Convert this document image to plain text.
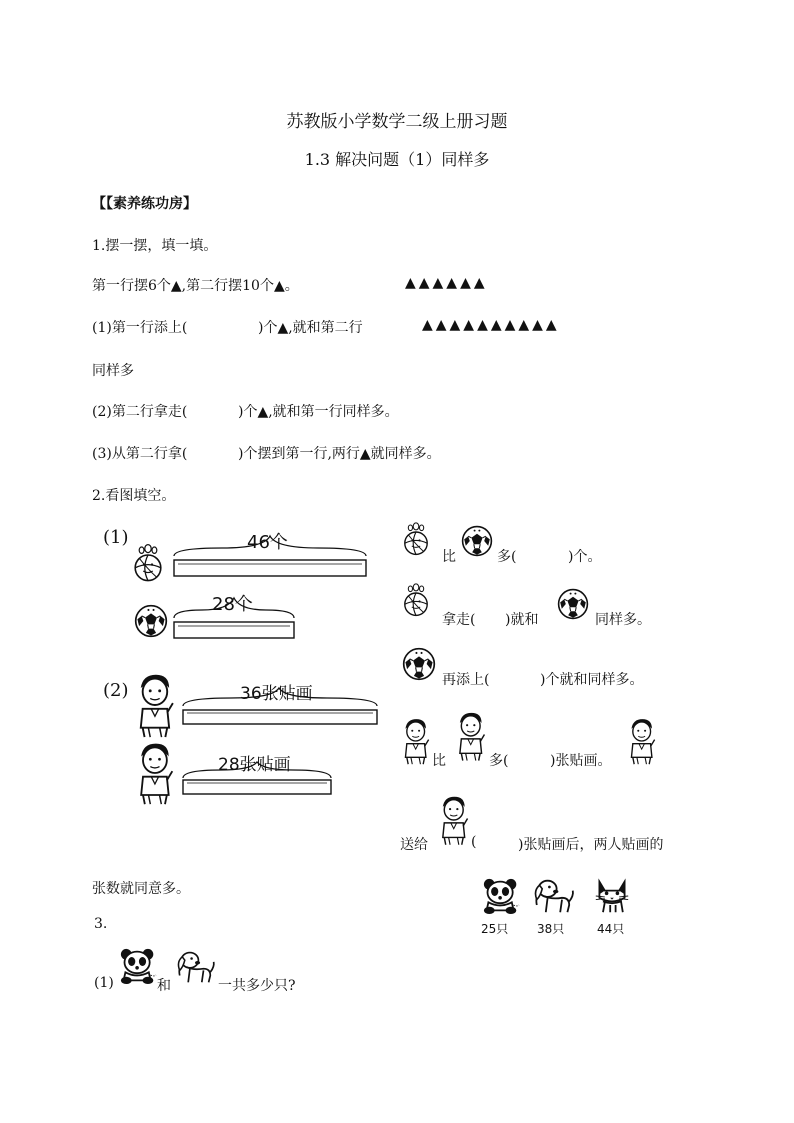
苏教版小学数学二级上册习题
1.3 解决问题（1）同样多
【【素养练功房】
1.摆一摆，填一填。
第一行摆6个▲,第二行摆10个▲。	▲▲▲▲▲▲
(1)第一行添上(	)个▲,就和第二行	▲▲▲▲▲▲▲▲▲▲
同样多
(2)第二行拿走(	)个▲,就和第一行同样多。
(3)从第二行拿(	)个摆到第一行,两行▲就同样多。
2.看图填空。
(1)	46个
28个
比	多(	)个。
拿走( )就和	同样多。
再添上(	)个就和同样多。
(2)	36张贴画
28张贴画	比	多(	)张贴画。
送给	(	)张贴画后，两人贴画的
张数就同意多。
3.	25只 38只	44只
(1)	和	一共多少只?
